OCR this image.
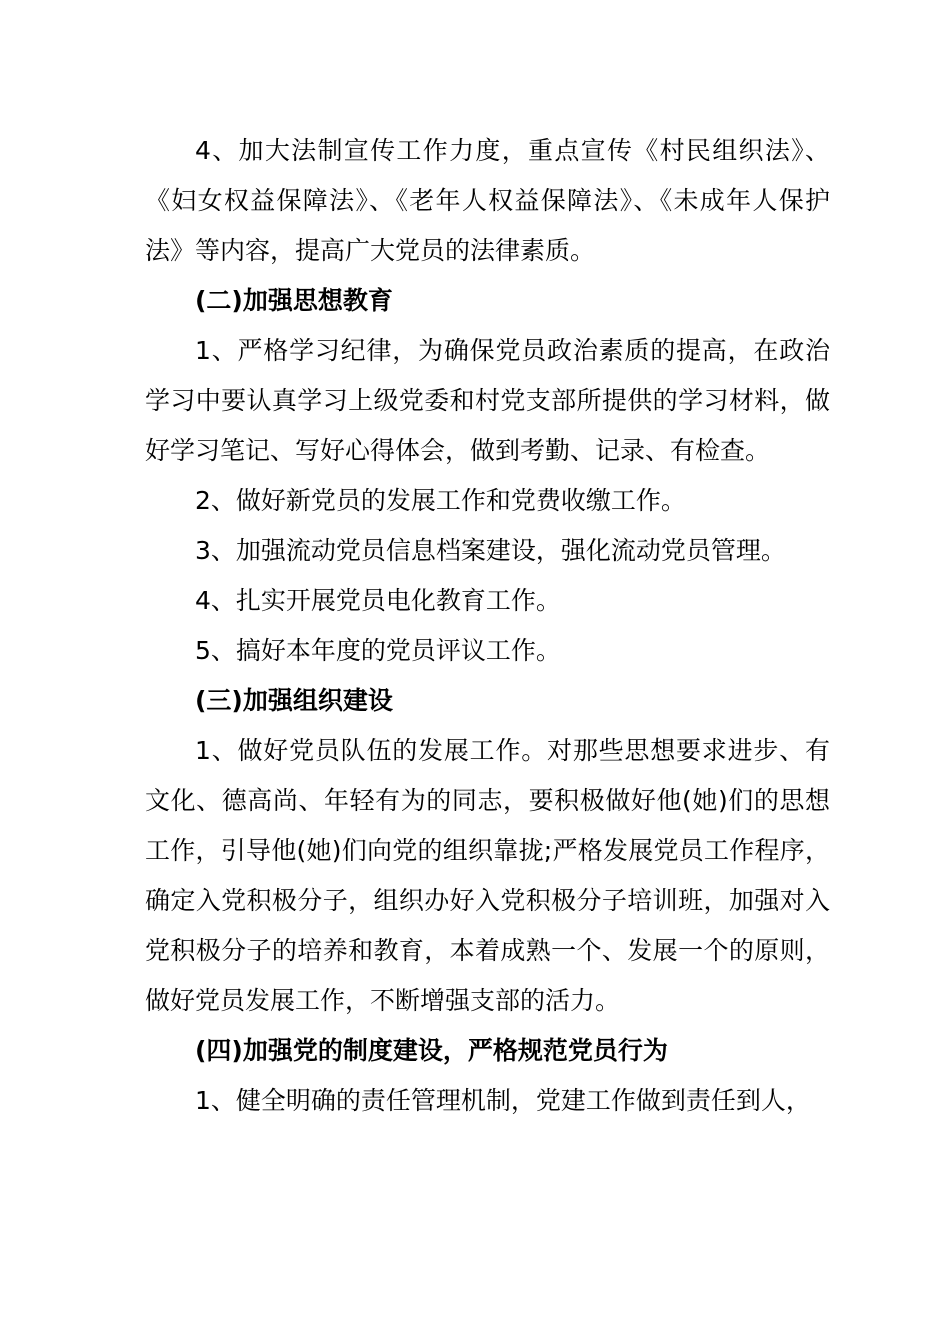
4、加大法制宣传工作力度，重点宣传《村民组织法》、《妇女权益保障法》、《老年人权益保障法》、《未成年人保护法》等内容，提高广大党员的法律素质。

(二)加强思想教育

1、严格学习纪律，为确保党员政治素质的提高，在政治学习中要认真学习上级党委和村党支部所提供的学习材料，做好学习笔记、写好心得体会，做到考勤、记录、有检查。

2、做好新党员的发展工作和党费收缴工作。

3、加强流动党员信息档案建设，强化流动党员管理。

4、扎实开展党员电化教育工作。

5、搞好本年度的党员评议工作。

(三)加强组织建设

1、做好党员队伍的发展工作。对那些思想要求进步、有文化、德高尚、年轻有为的同志，要积极做好他(她)们的思想工作，引导他(她)们向党的组织靠拢;严格发展党员工作程序，确定入党积极分子，组织办好入党积极分子培训班，加强对入党积极分子的培养和教育，本着成熟一个、发展一个的原则，做好党员发展工作，不断增强支部的活力。

(四)加强党的制度建设，严格规范党员行为

1、健全明确的责任管理机制，党建工作做到责任到人，
